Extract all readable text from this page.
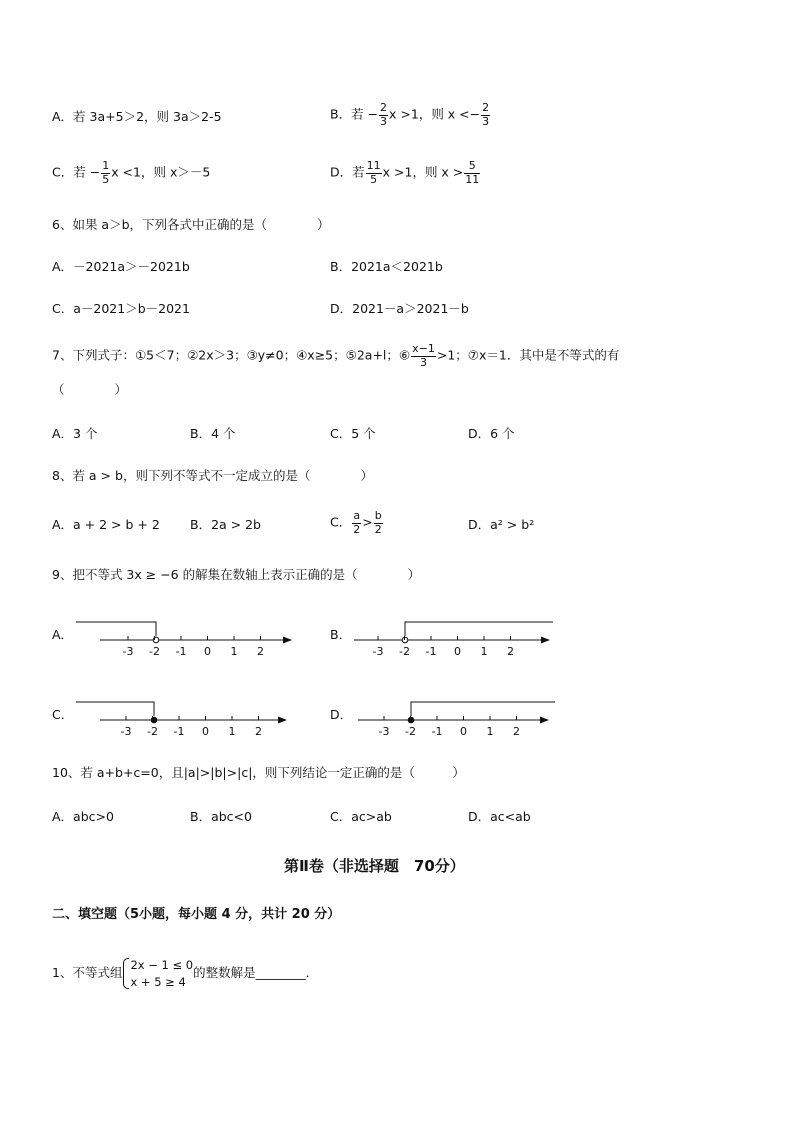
A．若 3a+5＞2，则 3a＞2-5	B．若 − $\frac{2}{3}$ x >1，则 $x <- \frac{2}{3}$
C．若 − $\frac{1}{5}$ x <1，则 x＞－5	D．若 $\frac{11}{5}$ x >1，则 $x > \frac{5}{11}$
6、如果 a＞b，下列各式中正确的是（　　　　）
A．－2021a＞－2021b	B．2021a＜2021b
C．a－2021＞b－2021	D．2021－a＞2021－b
7、下列式子：①5＜7；②2x＞3；③y≠0；④x≥5；⑤2a+l；⑥ $\frac{x-1}{3} >1$；⑦x＝1．其中是不等式的有
（　　　　）
A．3 个	B．4 个	C．5 个	D．6 个
8、若 a > b，则下列不等式不一定成立的是（　　　　）
A．a + 2 > b + 2 B．2a > 2b	C． $\frac{a}{2} > \frac{b}{2}$	D．a² > b²
9、把不等式 3x ≥ −6 的解集在数轴上表示正确的是（　　　　）
A．	B．
C．	D．
-3 -2 -1 0 1 2	-3 -2 -1 0 1 2
-3 -2 -1 0 1 2	-3 -2 -1 0 1 2
10、若 a+b+c=0，且|a|>|b|>|c|，则下列结论一定正确的是（　　　）
A．abc>0	B．abc<0	C．ac>ab	D．ac<ab
第Ⅱ卷（非选择题　70分）
二、填空题（5小题，每小题 4 分，共计 20 分）
1、不等式组
2x − 1 ≤ 0
x + 5 ≥ 4
的整数解是________．
